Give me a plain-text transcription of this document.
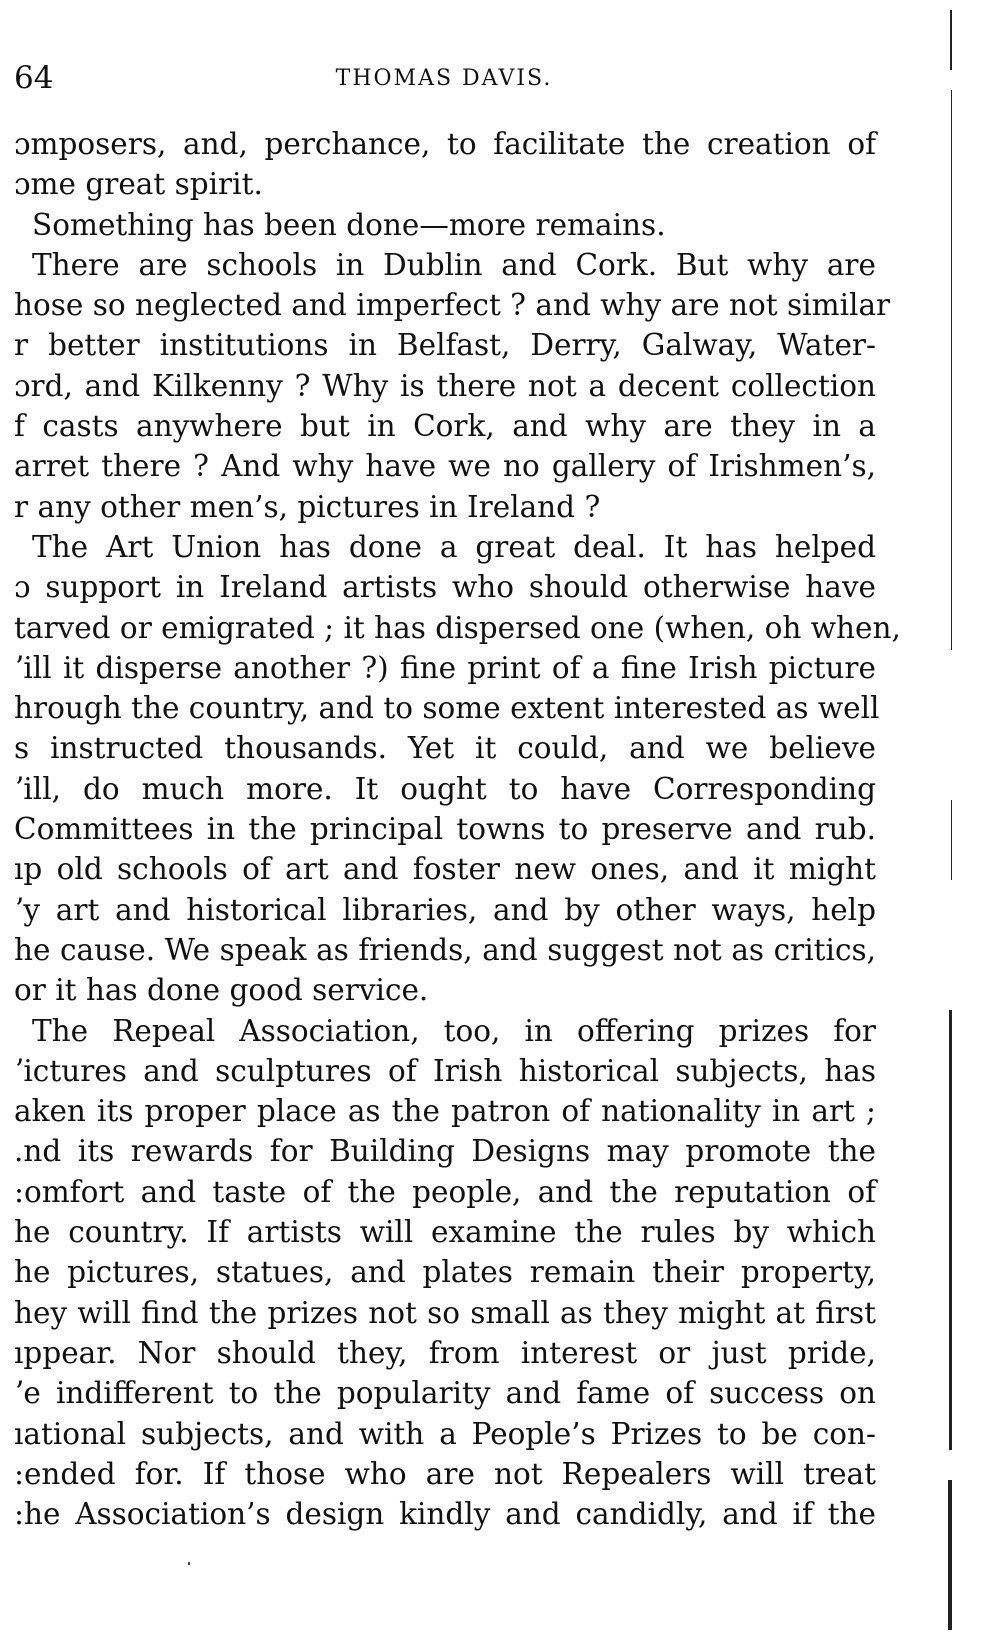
64	THOMAS DAVIS.
ɔmposers, and, perchance, to facilitate the creation of
ɔme great spirit.
Something has been done—more remains.
There are schools in Dublin and Cork. But why are
hose so neglected and imperfect ? and why are not similar
r better institutions in Belfast, Derry, Galway, Water-
ɔrd, and Kilkenny ? Why is there not a decent collection
f casts anywhere but in Cork, and why are they in a
arret there ? And why have we no gallery of Irishmen’s,
r any other men’s, pictures in Ireland ?
The Art Union has done a great deal. It has helped
ɔ support in Ireland artists who should otherwise have
tarved or emigrated ; it has dispersed one (when, oh when,
ʼill it disperse another ?) fine print of a fine Irish picture
hrough the country, and to some extent interested as well
s instructed thousands. Yet it could, and we believe
ʼill, do much more. It ought to have Corresponding
Committees in the principal towns to preserve and rub.
ıp old schools of art and foster new ones, and it might
ʼy art and historical libraries, and by other ways, help
he cause. We speak as friends, and suggest not as critics,
or it has done good service.
The Repeal Association, too, in offering prizes for
ʼictures and sculptures of Irish historical subjects, has
aken its proper place as the patron of nationality in art ;
.nd its rewards for Building Designs may promote the
:omfort and taste of the people, and the reputation of
he country. If artists will examine the rules by which
he pictures, statues, and plates remain their property,
hey will find the prizes not so small as they might at first
ıppear. Nor should they, from interest or just pride,
ʼe indifferent to the popularity and fame of success on
ıational subjects, and with a People’s Prizes to be con-
:ended for. If those who are not Repealers will treat
:he Association’s design kindly and candidly, and if the
